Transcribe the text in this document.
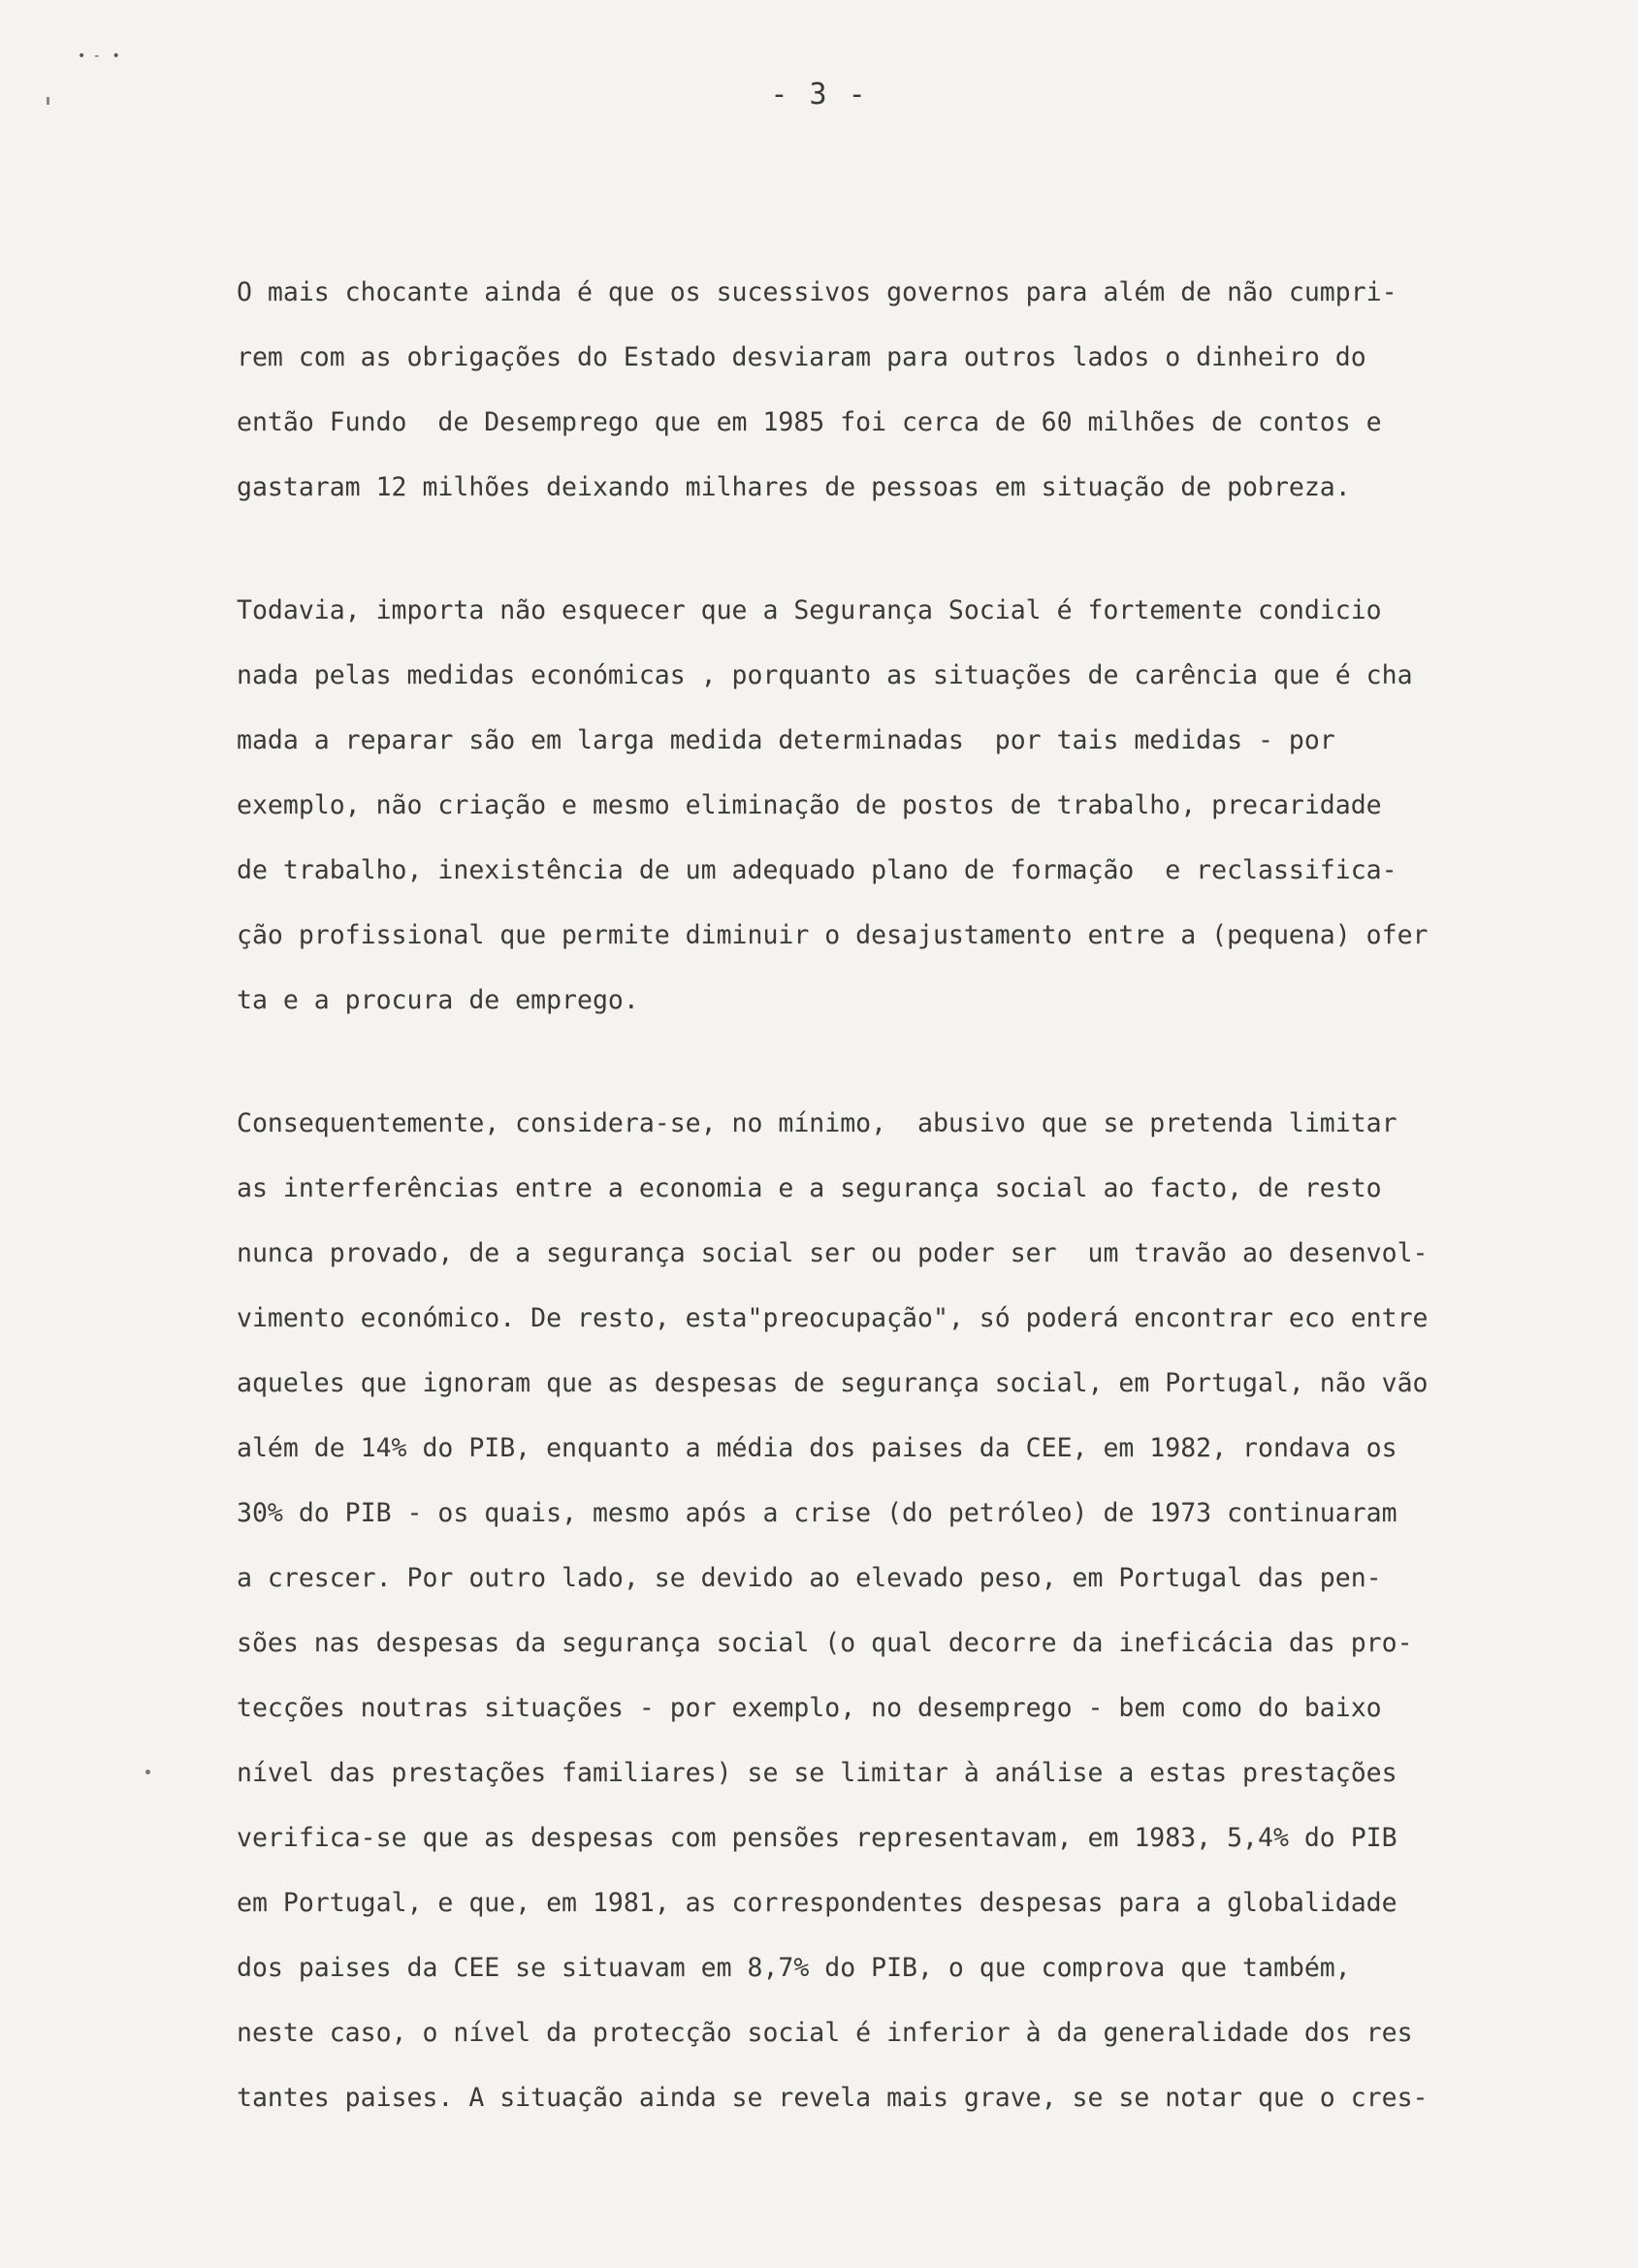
•  -   •
- 3 -
O mais chocante ainda é que os sucessivos governos para além de não cumpri-
rem com as obrigações do Estado desviaram para outros lados o dinheiro do
então Fundo  de Desemprego que em 1985 foi cerca de 60 milhões de contos e
gastaram 12 milhões deixando milhares de pessoas em situação de pobreza.
Todavia, importa não esquecer que a Segurança Social é fortemente condicio
nada pelas medidas económicas , porquanto as situações de carência que é cha
mada a reparar são em larga medida determinadas  por tais medidas - por
exemplo, não criação e mesmo eliminação de postos de trabalho, precaridade
de trabalho, inexistência de um adequado plano de formação  e reclassifica-
ção profissional que permite diminuir o desajustamento entre a (pequena) ofer
ta e a procura de emprego.
Consequentemente, considera-se, no mínimo,  abusivo que se pretenda limitar
as interferências entre a economia e a segurança social ao facto, de resto
nunca provado, de a segurança social ser ou poder ser  um travão ao desenvol-
vimento económico. De resto, esta"preocupação", só poderá encontrar eco entre
aqueles que ignoram que as despesas de segurança social, em Portugal, não vão
além de 14% do PIB, enquanto a média dos paises da CEE, em 1982, rondava os
30% do PIB - os quais, mesmo após a crise (do petróleo) de 1973 continuaram
a crescer. Por outro lado, se devido ao elevado peso, em Portugal das pen-
sões nas despesas da segurança social (o qual decorre da ineficácia das pro-
tecções noutras situações - por exemplo, no desemprego - bem como do baixo
nível das prestações familiares) se se limitar à análise a estas prestações
verifica-se que as despesas com pensões representavam, em 1983, 5,4% do PIB
em Portugal, e que, em 1981, as correspondentes despesas para a globalidade
dos paises da CEE se situavam em 8,7% do PIB, o que comprova que também,
neste caso, o nível da protecção social é inferior à da generalidade dos res
tantes paises. A situação ainda se revela mais grave, se se notar que o cres-
